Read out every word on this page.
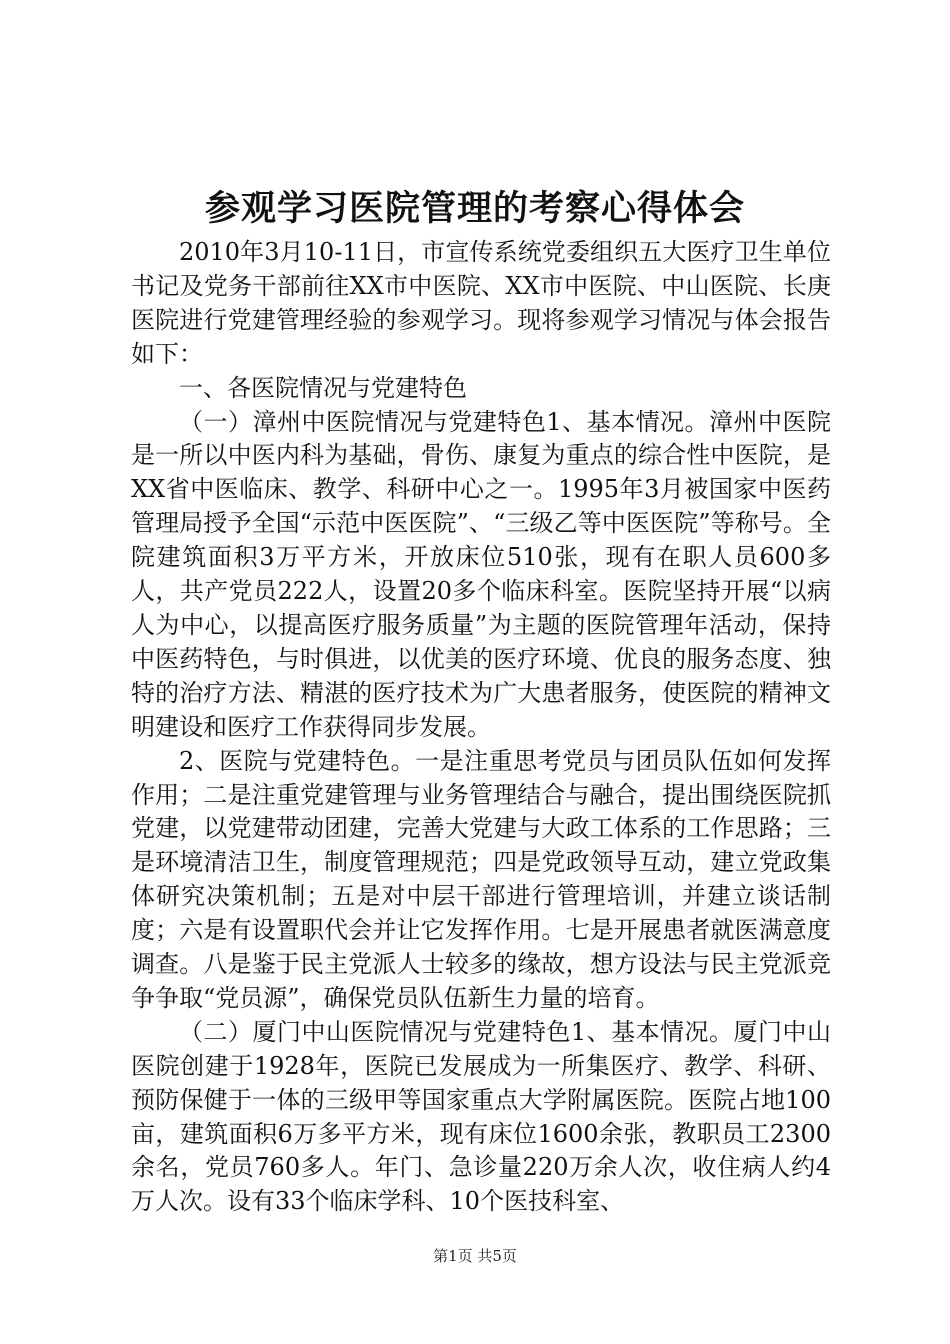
参观学习医院管理的考察心得体会

2010年3月10-11日，市宣传系统党委组织五大医疗卫生单位书记及党务干部前往XX市中医院、XX市中医院、中山医院、长庚医院进行党建管理经验的参观学习。现将参观学习情况与体会报告如下：

一、各医院情况与党建特色

（一）漳州中医院情况与党建特色1、基本情况。漳州中医院是一所以中医内科为基础，骨伤、康复为重点的综合性中医院，是XX省中医临床、教学、科研中心之一。1995年3月被国家中医药管理局授予全国“示范中医医院”、“三级乙等中医医院”等称号。全院建筑面积3万平方米，开放床位510张，现有在职人员600多人，共产党员222人，设置20多个临床科室。医院坚持开展“以病人为中心，以提高医疗服务质量”为主题的医院管理年活动，保持中医药特色，与时俱进，以优美的医疗环境、优良的服务态度、独特的治疗方法、精湛的医疗技术为广大患者服务，使医院的精神文明建设和医疗工作获得同步发展。

2、医院与党建特色。一是注重思考党员与团员队伍如何发挥作用；二是注重党建管理与业务管理结合与融合，提出围绕医院抓党建，以党建带动团建，完善大党建与大政工体系的工作思路；三是环境清洁卫生，制度管理规范；四是党政领导互动，建立党政集体研究决策机制；五是对中层干部进行管理培训，并建立谈话制度；六是有设置职代会并让它发挥作用。七是开展患者就医满意度调查。八是鉴于民主党派人士较多的缘故，想方设法与民主党派竞争争取“党员源”，确保党员队伍新生力量的培育。

（二）厦门中山医院情况与党建特色1、基本情况。厦门中山医院创建于1928年，医院已发展成为一所集医疗、教学、科研、预防保健于一体的三级甲等国家重点大学附属医院。医院占地100亩，建筑面积6万多平方米，现有床位1600余张，教职员工2300余名，党员760多人。年门、急诊量220万余人次，收住病人约4万人次。设有33个临床学科、10个医技科室、

第1页 共5页
